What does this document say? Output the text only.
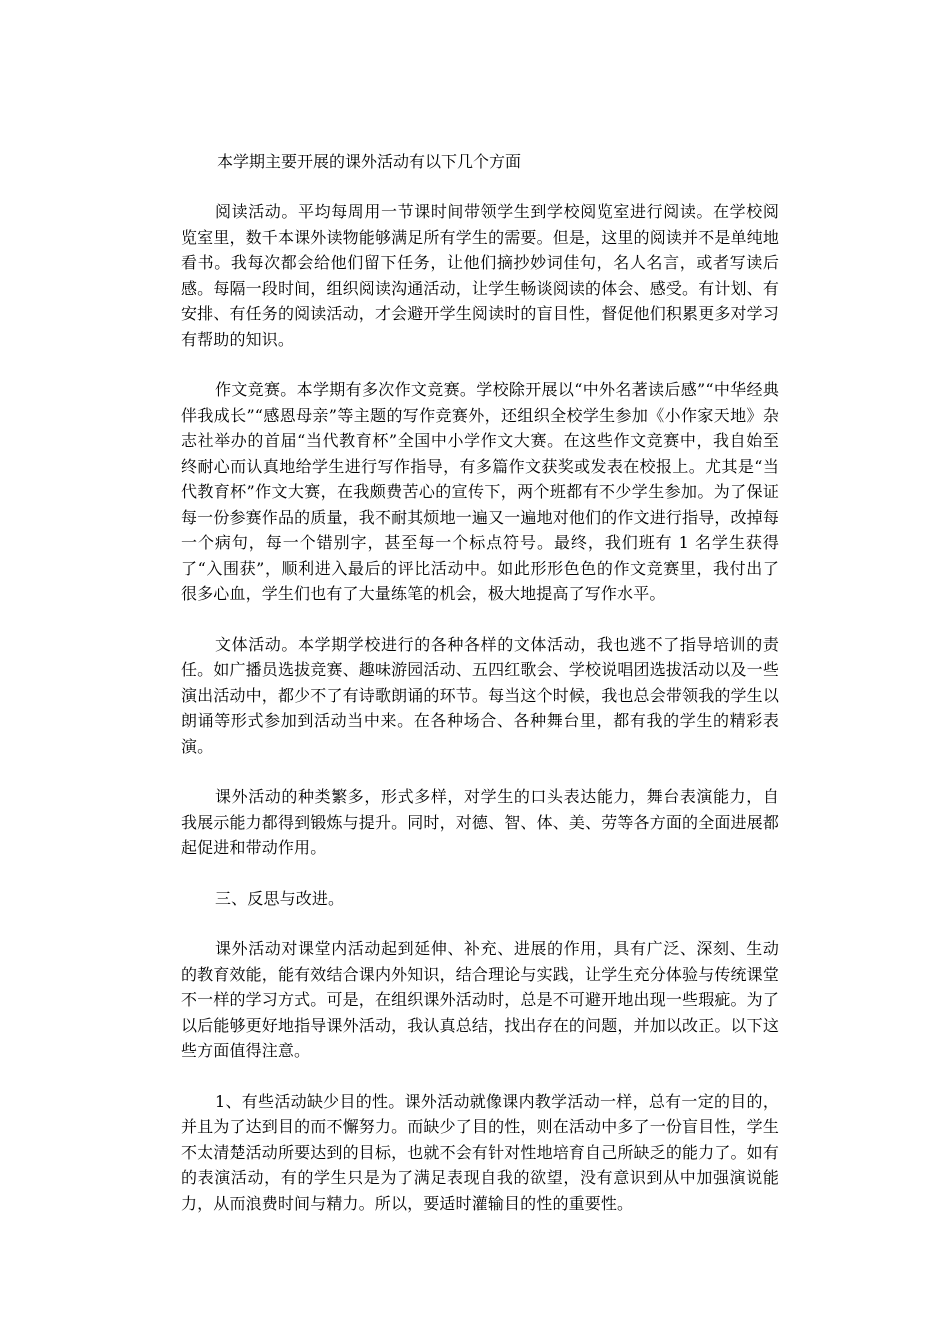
本学期主要开展的课外活动有以下几个方面

阅读活动。平均每周用一节课时间带领学生到学校阅览室进行阅读。在学校阅览室里，数千本课外读物能够满足所有学生的需要。但是，这里的阅读并不是单纯地看书。我每次都会给他们留下任务，让他们摘抄妙词佳句，名人名言，或者写读后感。每隔一段时间，组织阅读沟通活动，让学生畅谈阅读的体会、感受。有计划、有安排、有任务的阅读活动，才会避开学生阅读时的盲目性，督促他们积累更多对学习有帮助的知识。

作文竞赛。本学期有多次作文竞赛。学校除开展以“中外名著读后感”“中华经典伴我成长”“感恩母亲”等主题的写作竞赛外，还组织全校学生参加《小作家天地》杂志社举办的首届“当代教育杯”全国中小学作文大赛。在这些作文竞赛中，我自始至终耐心而认真地给学生进行写作指导，有多篇作文获奖或发表在校报上。尤其是“当代教育杯”作文大赛，在我颇费苦心的宣传下，两个班都有不少学生参加。为了保证每一份参赛作品的质量，我不耐其烦地一遍又一遍地对他们的作文进行指导，改掉每一个病句，每一个错别字，甚至每一个标点符号。最终，我们班有 1 名学生获得了“入围获”，顺利进入最后的评比活动中。如此形形色色的作文竞赛里，我付出了很多心血，学生们也有了大量练笔的机会，极大地提高了写作水平。

文体活动。本学期学校进行的各种各样的文体活动，我也逃不了指导培训的责任。如广播员选拔竞赛、趣味游园活动、五四红歌会、学校说唱团选拔活动以及一些演出活动中，都少不了有诗歌朗诵的环节。每当这个时候，我也总会带领我的学生以朗诵等形式参加到活动当中来。在各种场合、各种舞台里，都有我的学生的精彩表演。

课外活动的种类繁多，形式多样，对学生的口头表达能力，舞台表演能力，自我展示能力都得到锻炼与提升。同时，对德、智、体、美、劳等各方面的全面进展都起促进和带动作用。

三、反思与改进。

课外活动对课堂内活动起到延伸、补充、进展的作用，具有广泛、深刻、生动的教育效能，能有效结合课内外知识，结合理论与实践，让学生充分体验与传统课堂不一样的学习方式。可是，在组织课外活动时，总是不可避开地出现一些瑕疵。为了以后能够更好地指导课外活动，我认真总结，找出存在的问题，并加以改正。以下这些方面值得注意。

1、有些活动缺少目的性。课外活动就像课内教学活动一样，总有一定的目的，并且为了达到目的而不懈努力。而缺少了目的性，则在活动中多了一份盲目性，学生不太清楚活动所要达到的目标，也就不会有针对性地培育自己所缺乏的能力了。如有的表演活动，有的学生只是为了满足表现自我的欲望，没有意识到从中加强演说能力，从而浪费时间与精力。所以，要适时灌输目的性的重要性。
